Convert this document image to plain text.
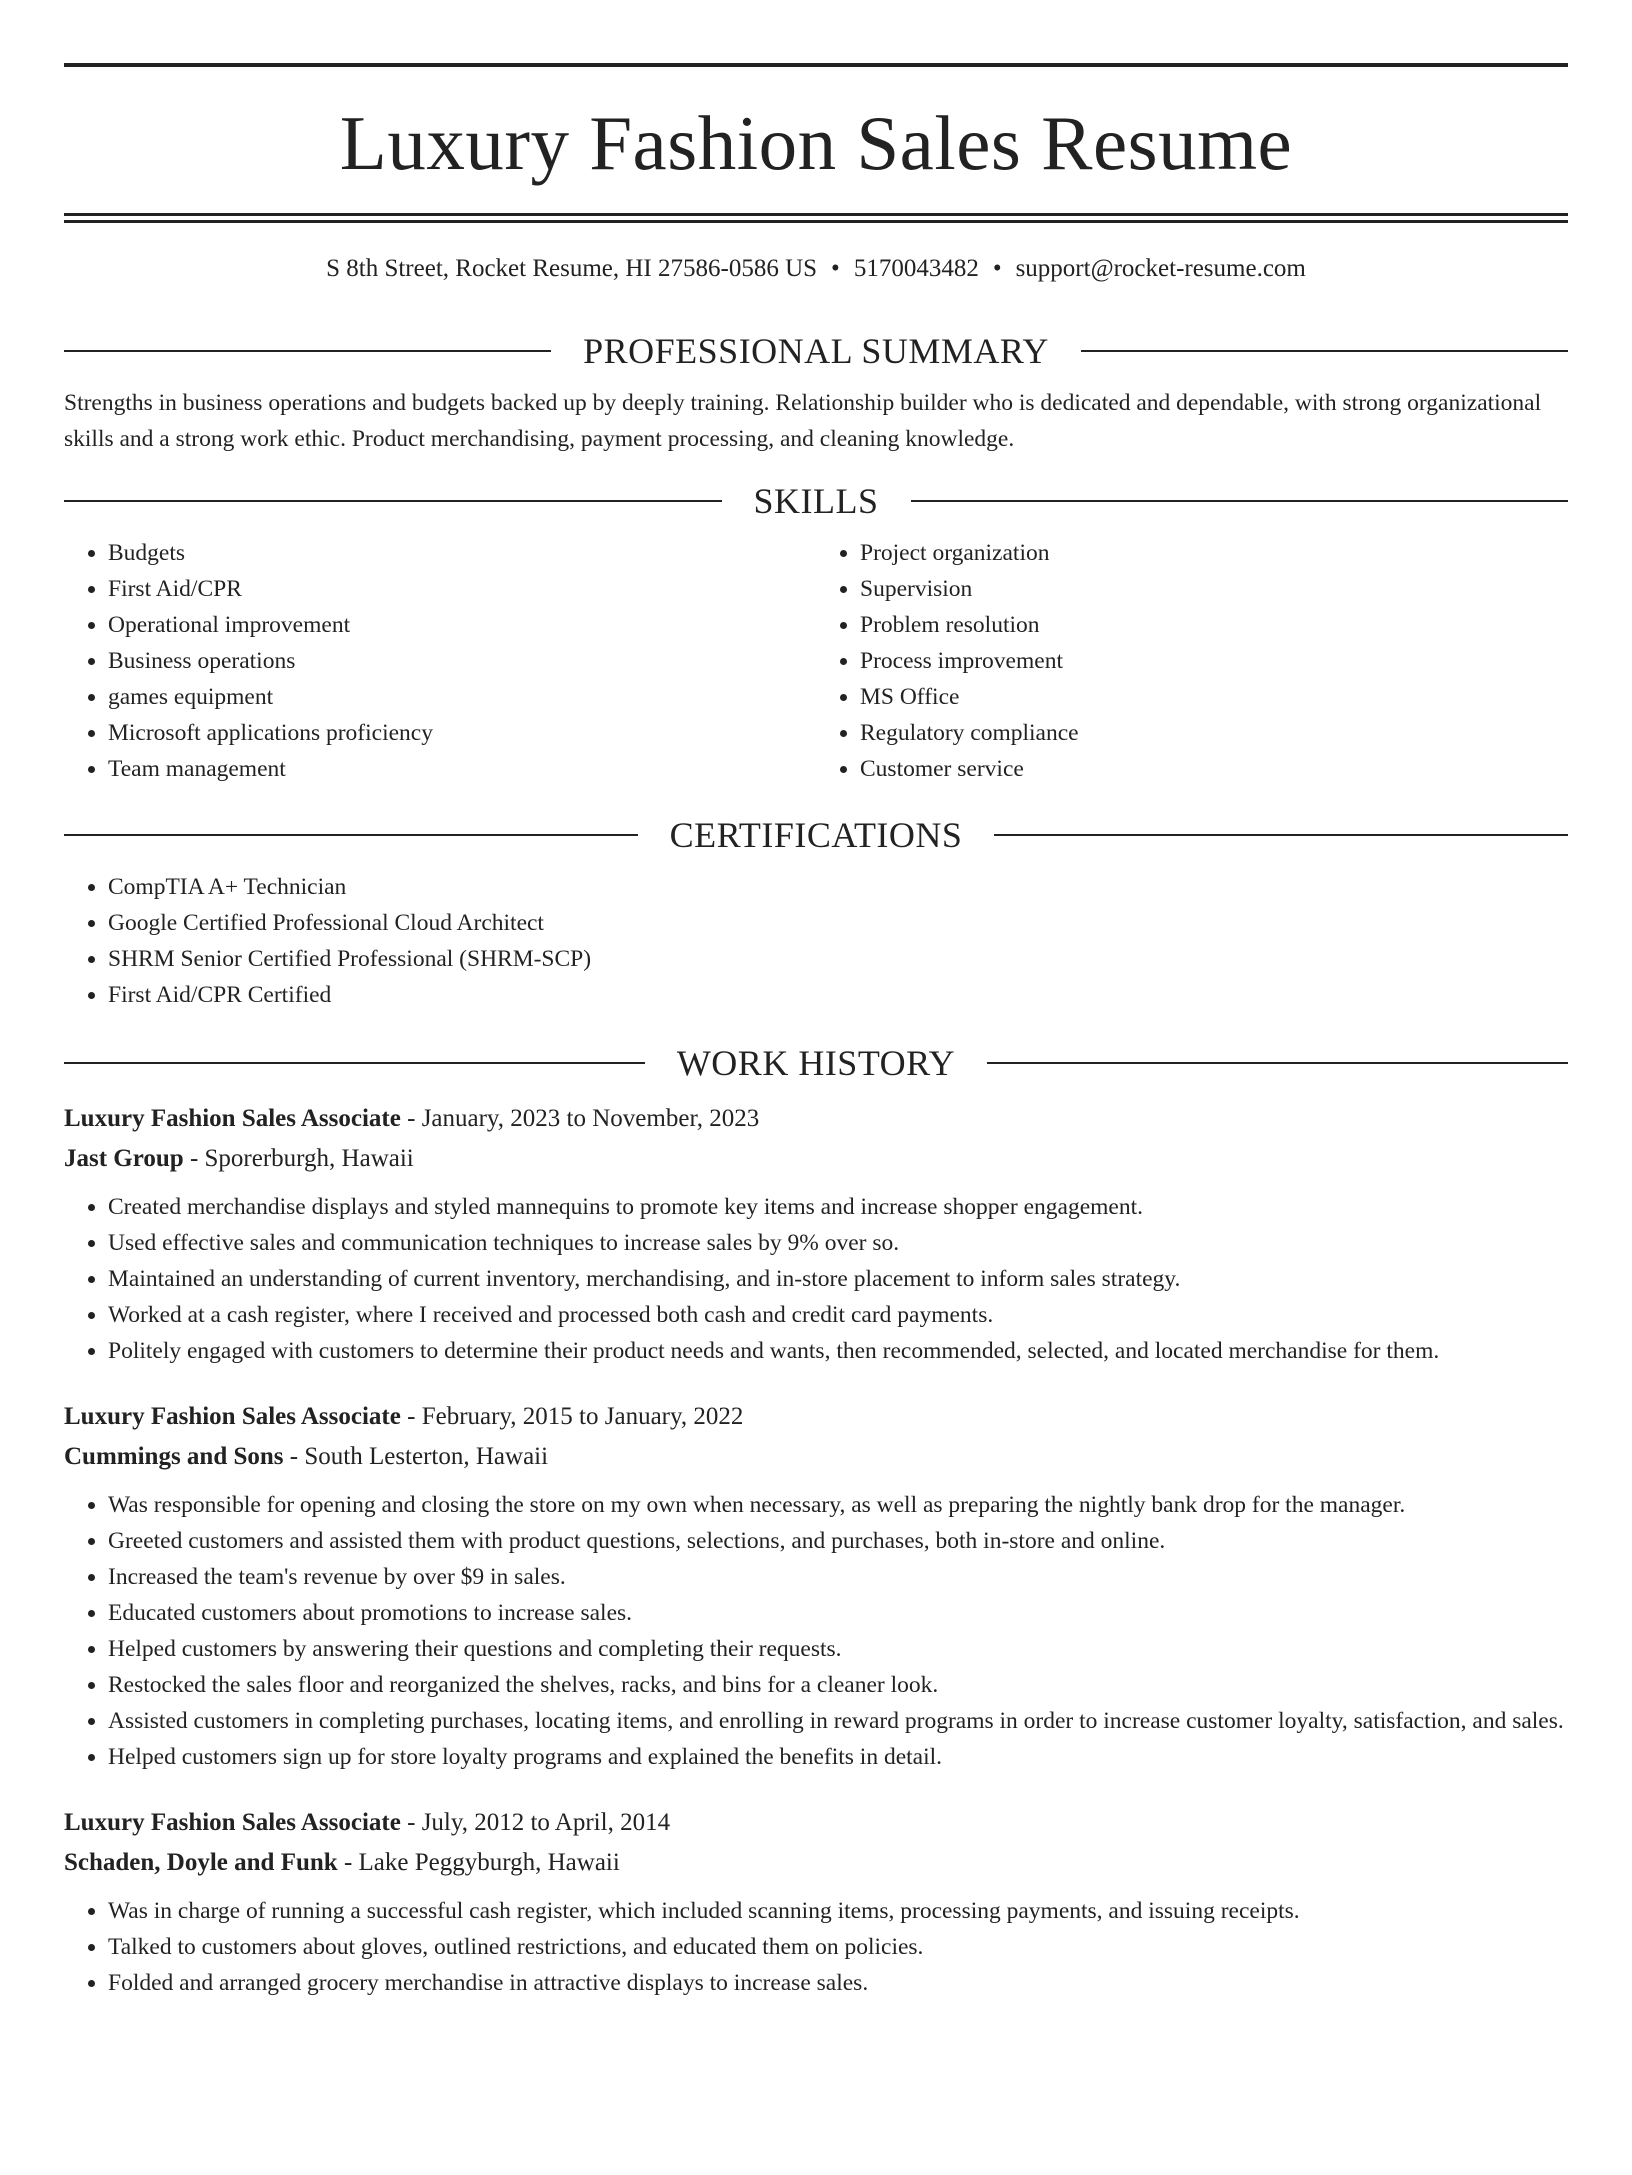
Luxury Fashion Sales Resume
S 8th Street, Rocket Resume, HI 27586-0586 US • 5170043482 • support@rocket-resume.com
PROFESSIONAL SUMMARY
Strengths in business operations and budgets backed up by deeply training. Relationship builder who is dedicated and dependable, with strong organizational skills and a strong work ethic. Product merchandising, payment processing, and cleaning knowledge.
SKILLS
• Budgets
• First Aid/CPR
• Operational improvement
• Business operations
• games equipment
• Microsoft applications proficiency
• Team management
• Project organization
• Supervision
• Problem resolution
• Process improvement
• MS Office
• Regulatory compliance
• Customer service
CERTIFICATIONS
• CompTIA A+ Technician
• Google Certified Professional Cloud Architect
• SHRM Senior Certified Professional (SHRM-SCP)
• First Aid/CPR Certified
WORK HISTORY
Luxury Fashion Sales Associate - January, 2023 to November, 2023
Jast Group - Sporerburgh, Hawaii
• Created merchandise displays and styled mannequins to promote key items and increase shopper engagement.
• Used effective sales and communication techniques to increase sales by 9% over so.
• Maintained an understanding of current inventory, merchandising, and in-store placement to inform sales strategy.
• Worked at a cash register, where I received and processed both cash and credit card payments.
• Politely engaged with customers to determine their product needs and wants, then recommended, selected, and located merchandise for them.
Luxury Fashion Sales Associate - February, 2015 to January, 2022
Cummings and Sons - South Lesterton, Hawaii
• Was responsible for opening and closing the store on my own when necessary, as well as preparing the nightly bank drop for the manager.
• Greeted customers and assisted them with product questions, selections, and purchases, both in-store and online.
• Increased the team's revenue by over $9 in sales.
• Educated customers about promotions to increase sales.
• Helped customers by answering their questions and completing their requests.
• Restocked the sales floor and reorganized the shelves, racks, and bins for a cleaner look.
• Assisted customers in completing purchases, locating items, and enrolling in reward programs in order to increase customer loyalty, satisfaction, and sales.
• Helped customers sign up for store loyalty programs and explained the benefits in detail.
Luxury Fashion Sales Associate - July, 2012 to April, 2014
Schaden, Doyle and Funk - Lake Peggyburgh, Hawaii
• Was in charge of running a successful cash register, which included scanning items, processing payments, and issuing receipts.
• Talked to customers about gloves, outlined restrictions, and educated them on policies.
• Folded and arranged grocery merchandise in attractive displays to increase sales.
